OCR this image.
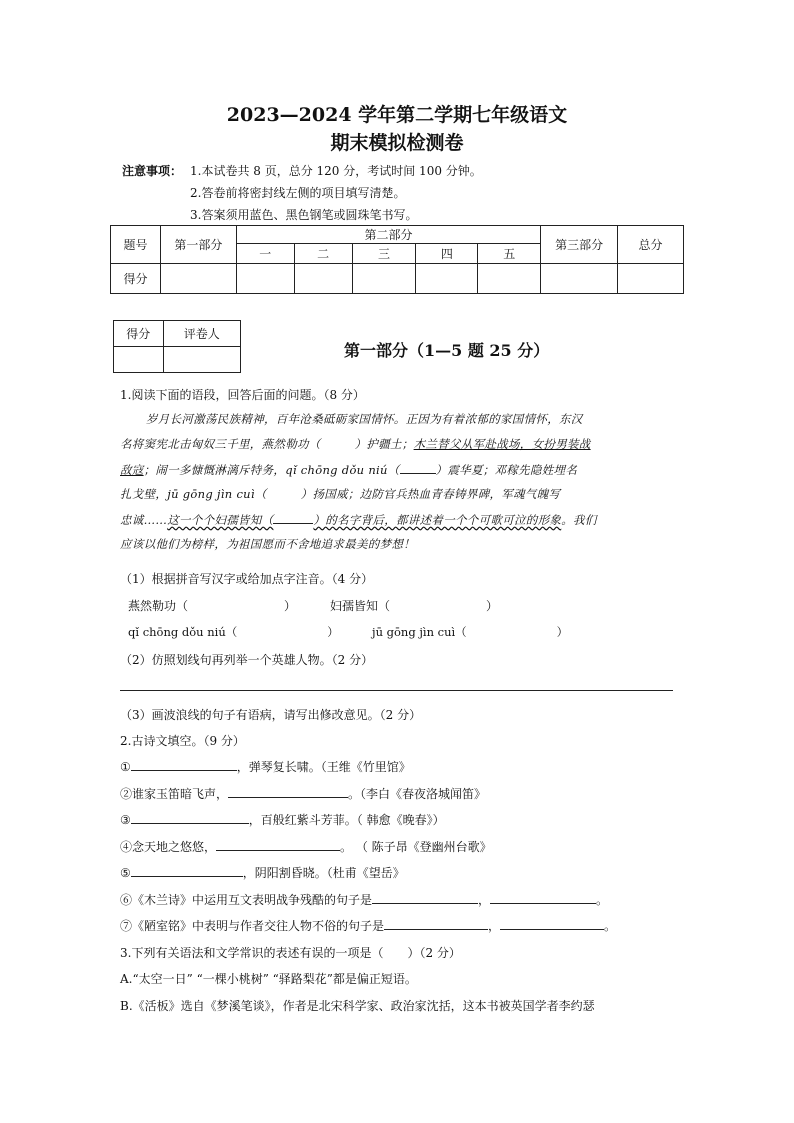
2023—2024 学年第二学期七年级语文
期末模拟检测卷
注意事项： 1.本试卷共 8 页，总分 120 分，考试时间 100 分钟。
2.答卷前将密封线左侧的项目填写清楚。
3.答案须用蓝色、黑色钢笔或圆珠笔书写。
题号	第一部分	第二部分					第三部分	总分
		一	二	三	四	五		
得分								
得分	评卷人

第一部分（1—5 题 25 分）
1.阅读下面的语段，回答后面的问题。（8 分）
岁月长河激荡民族精神，百年沧桑砥砺家国情怀。正因为有着浓郁的家国情怀，东汉
名将窦宪北击匈奴三千里，燕然勒功（	）护疆土；木兰替父从军赴战场，女扮男装战
敌寇；闹一多慷慨淋漓斥特务，qǐ chōng dǒu niú（	）震华夏；邓稼先隐姓埋名
扎戈壁，jū gōng jìn cuì（	）扬国威；边防官兵热血青春铸界碑，军魂气魄写
忠诚……这一个个妇孺皆知（	）的名字背后，都讲述着一个个可歌可泣的形象。我们
应该以他们为榜样，为祖国愿而不舍地追求最美的梦想！
（1）根据拼音写汉字或给加点字注音。（4 分）
燕然勒功（	）	妇孺皆知（	）
qǐ chōng dǒu niú（	）	jū gōng jìn cuì（	）
（2）仿照划线句再列举一个英雄人物。（2 分）
（3）画波浪线的句子有语病，请写出修改意见。（2 分）
2.古诗文填空。（9 分）
①	，弹琴复长啸。（王维《竹里馆》
②谁家玉笛暗飞声，	。（李白《春夜洛城闻笛》
③	，百般红紫斗芳菲。（ 韩愈《晚春》）
④念天地之悠悠，	。 （ 陈子昂《登幽州台歌》
⑤	，阴阳割昏晓。（杜甫《望岳》
⑥《木兰诗》中运用互文表明战争残酷的句子是	，	。
⑦《陋室铭》中表明与作者交往人物不俗的句子是	，	。
3.下列有关语法和文学常识的表述有误的一项是（　　）（2 分）
A.“太空一日” “一棵小桃树” “驿路梨花”都是偏正短语。
B.《活板》选自《梦溪笔谈》，作者是北宋科学家、政治家沈括，这本书被英国学者李约瑟
